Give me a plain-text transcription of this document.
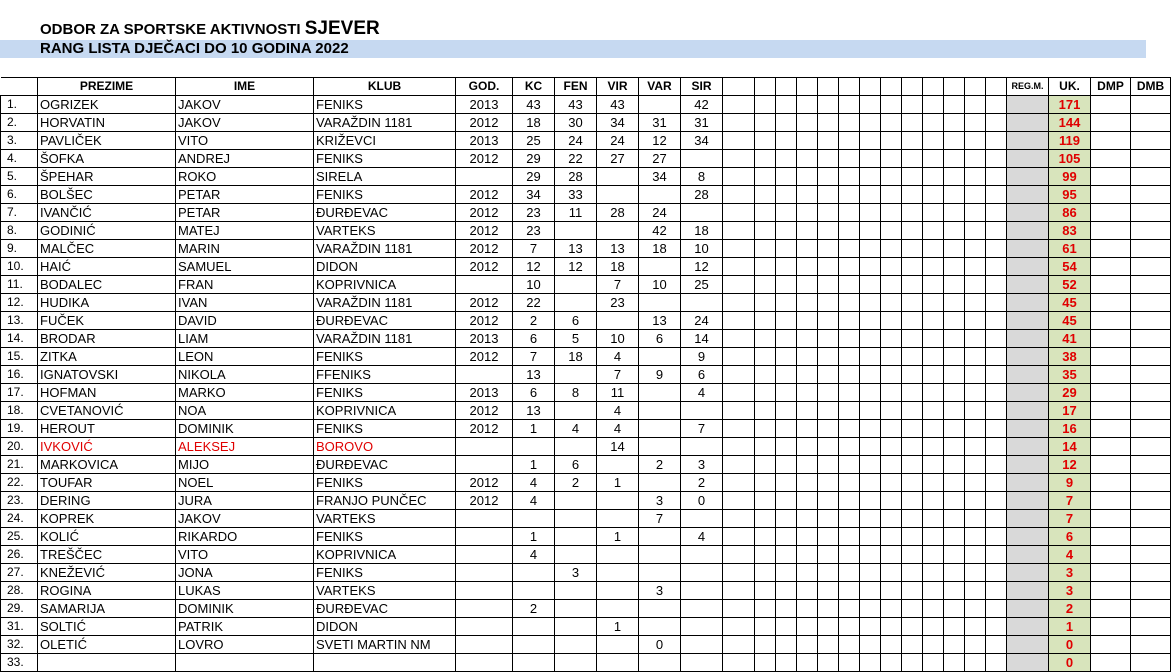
ODBOR ZA SPORTSKE AKTIVNOSTI SJEVER
RANG LISTA DJEČACI DO 10 GODINA 2022
	PREZIME	IME	KLUB	GOD.	KC	FEN	VIR	VAR	SIR														REG.M.	UK.	DMP	DMB
1.	OGRIZEK	JAKOV	FENIKS	2013	43	43	43		42															171		
2.	HORVATIN	JAKOV	VARAŽDIN 1181	2012	18	30	34	31	31															144		
3.	PAVLIČEK	VITO	KRIŽEVCI	2013	25	24	24	12	34															119		
4.	ŠOFKA	ANDREJ	FENIKS	2012	29	22	27	27																105		
5.	ŠPEHAR	ROKO	SIRELA		29	28		34	8															99		
6.	BOLŠEC	PETAR	FENIKS	2012	34	33			28															95		
7.	IVANČIĆ	PETAR	ĐURĐEVAC	2012	23	11	28	24																86		
8.	GODINIĆ	MATEJ	VARTEKS	2012	23			42	18															83		
9.	MALČEC	MARIN	VARAŽDIN 1181	2012	7	13	13	18	10															61		
10.	HAIĆ	SAMUEL	DIDON	2012	12	12	18		12															54		
11.	BODALEC	FRAN	KOPRIVNICA		10		7	10	25															52		
12.	HUDIKA	IVAN	VARAŽDIN 1181	2012	22		23																	45		
13.	FUČEK	DAVID	ĐURĐEVAC	2012	2	6		13	24															45		
14.	BRODAR	LIAM	VARAŽDIN 1181	2013	6	5	10	6	14															41		
15.	ZITKA	LEON	FENIKS	2012	7	18	4		9															38		
16.	IGNATOVSKI	NIKOLA	FFENIKS		13		7	9	6															35		
17.	HOFMAN	MARKO	FENIKS	2013	6	8	11		4															29		
18.	CVETANOVIĆ	NOA	KOPRIVNICA	2012	13		4																	17		
19.	HEROUT	DOMINIK	FENIKS	2012	1	4	4		7															16		
20.	IVKOVIĆ	ALEKSEJ	BOROVO				14																	14		
21.	MARKOVICA	MIJO	ĐURĐEVAC		1	6		2	3															12		
22.	TOUFAR	NOEL	FENIKS	2012	4	2	1		2															9		
23.	DERING	JURA	FRANJO PUNČEC	2012	4			3	0															7		
24.	KOPREK	JAKOV	VARTEKS					7																7		
25.	KOLIĆ	RIKARDO	FENIKS		1		1		4															6		
26.	TREŠČEC	VITO	KOPRIVNICA		4																			4		
27.	KNEŽEVIĆ	JONA	FENIKS			3																		3		
28.	ROGINA	LUKAS	VARTEKS					3																3		
29.	SAMARIJA	DOMINIK	ĐURĐEVAC		2																			2		
31.	SOLTIĆ	PATRIK	DIDON				1																	1		
32.	OLETIĆ	LOVRO	SVETI MARTIN NM					0																0		
33.																								0		
